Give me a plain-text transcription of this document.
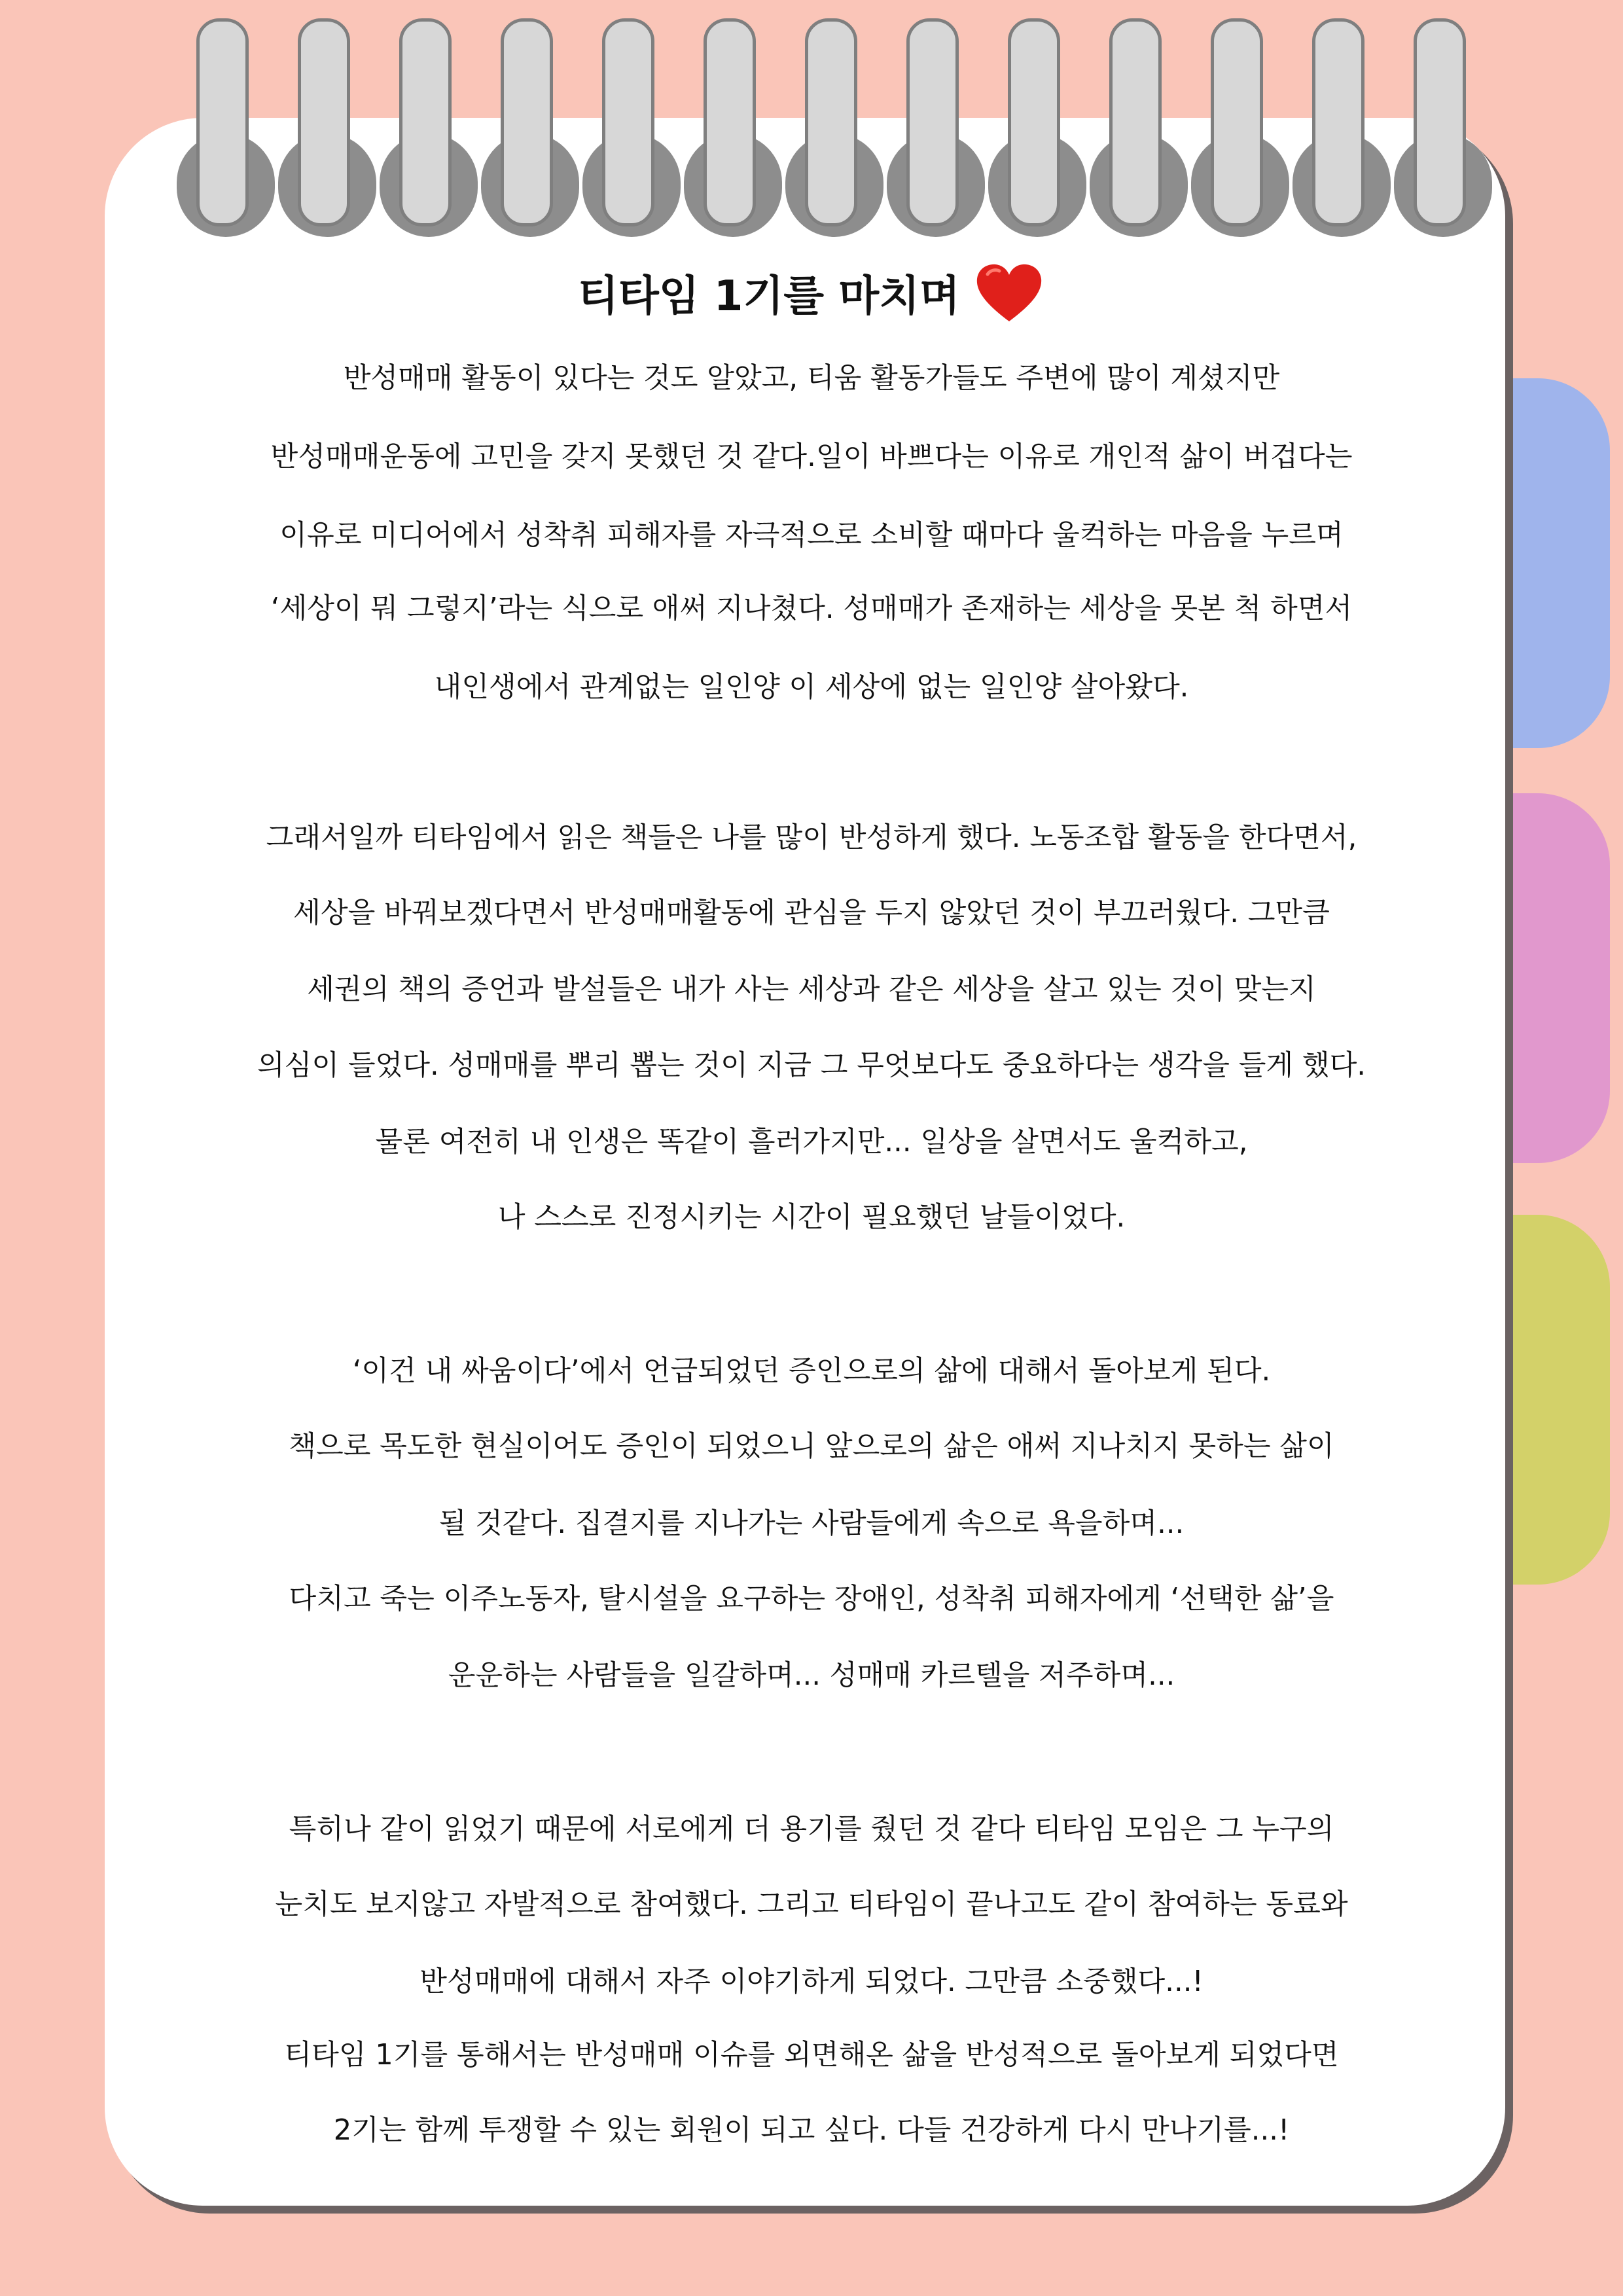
티타임 1기를 마치며
반성매매 활동이 있다는 것도 알았고, 티움 활동가들도 주변에 많이 계셨지만
반성매매운동에 고민을 갖지 못했던 것 같다.일이 바쁘다는 이유로 개인적 삶이 버겁다는
이유로 미디어에서 성착취 피해자를 자극적으로 소비할 때마다 울컥하는 마음을 누르며
‘세상이 뭐 그렇지’라는 식으로 애써 지나쳤다. 성매매가 존재하는 세상을 못본 척 하면서
내인생에서 관계없는 일인양 이 세상에 없는 일인양 살아왔다.
그래서일까 티타임에서 읽은 책들은 나를 많이 반성하게 했다. 노동조합 활동을 한다면서,
세상을 바꿔보겠다면서 반성매매활동에 관심을 두지 않았던 것이 부끄러웠다. 그만큼
세권의 책의 증언과 발설들은 내가 사는 세상과 같은 세상을 살고 있는 것이 맞는지
의심이 들었다. 성매매를 뿌리 뽑는 것이 지금 그 무엇보다도 중요하다는 생각을 들게 했다.
물론 여전히 내 인생은 똑같이 흘러가지만... 일상을 살면서도 울컥하고,
나 스스로 진정시키는 시간이 필요했던 날들이었다.
‘이건 내 싸움이다’에서 언급되었던 증인으로의 삶에 대해서 돌아보게 된다.
책으로 목도한 현실이어도 증인이 되었으니 앞으로의 삶은 애써 지나치지 못하는 삶이
될 것같다. 집결지를 지나가는 사람들에게 속으로 욕을하며...
다치고 죽는 이주노동자, 탈시설을 요구하는 장애인, 성착취 피해자에게 ‘선택한 삶’을
운운하는 사람들을 일갈하며... 성매매 카르텔을 저주하며...
특히나 같이 읽었기 때문에 서로에게 더 용기를 줬던 것 같다 티타임 모임은 그 누구의
눈치도 보지않고 자발적으로 참여했다. 그리고 티타임이 끝나고도 같이 참여하는 동료와
반성매매에 대해서 자주 이야기하게 되었다. 그만큼 소중했다...!
티타임 1기를 통해서는 반성매매 이슈를 외면해온 삶을 반성적으로 돌아보게 되었다면
2기는 함께 투쟁할 수 있는 회원이 되고 싶다. 다들 건강하게 다시 만나기를...!
